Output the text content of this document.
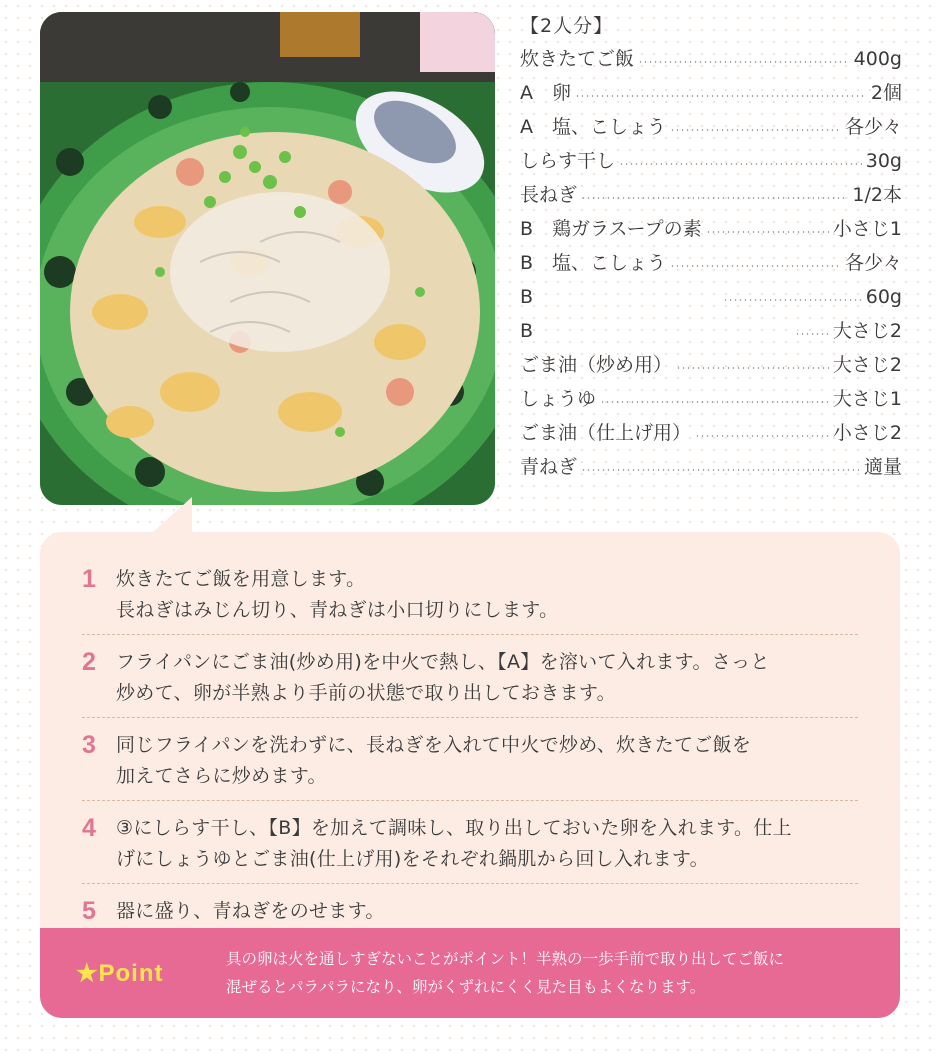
【2人分】
炊きたてご飯	400g
A　卵	2個
A　塩、こしょう	各少々
しらす干し	30g
長ねぎ	1/2本
B　鶏ガラスープの素	小さじ1
B　塩、こしょう	各少々
B	60g
B	大さじ2
ごま油（炒め用）	大さじ2
しょうゆ	大さじ1
ごま油（仕上げ用）	小さじ2
青ねぎ	適量
1	炊きたてご飯を用意します。
長ねぎはみじん切り、青ねぎは小口切りにします。
2	フライパンにごま油(炒め用)を中火で熱し、【A】を溶いて入れます。さっと
炒めて、卵が半熟より手前の状態で取り出しておきます。
3	同じフライパンを洗わずに、長ねぎを入れて中火で炒め、炊きたてご飯を
加えてさらに炒めます。
4	③にしらす干し、【B】を加えて調味し、取り出しておいた卵を入れます。仕上
げにしょうゆとごま油(仕上げ用)をそれぞれ鍋肌から回し入れます。
5	器に盛り、青ねぎをのせます。
★Point
具の卵は火を通しすぎないことがポイント！半熟の一歩手前で取り出してご飯に
混ぜるとパラパラになり、卵がくずれにくく見た目もよくなります。
